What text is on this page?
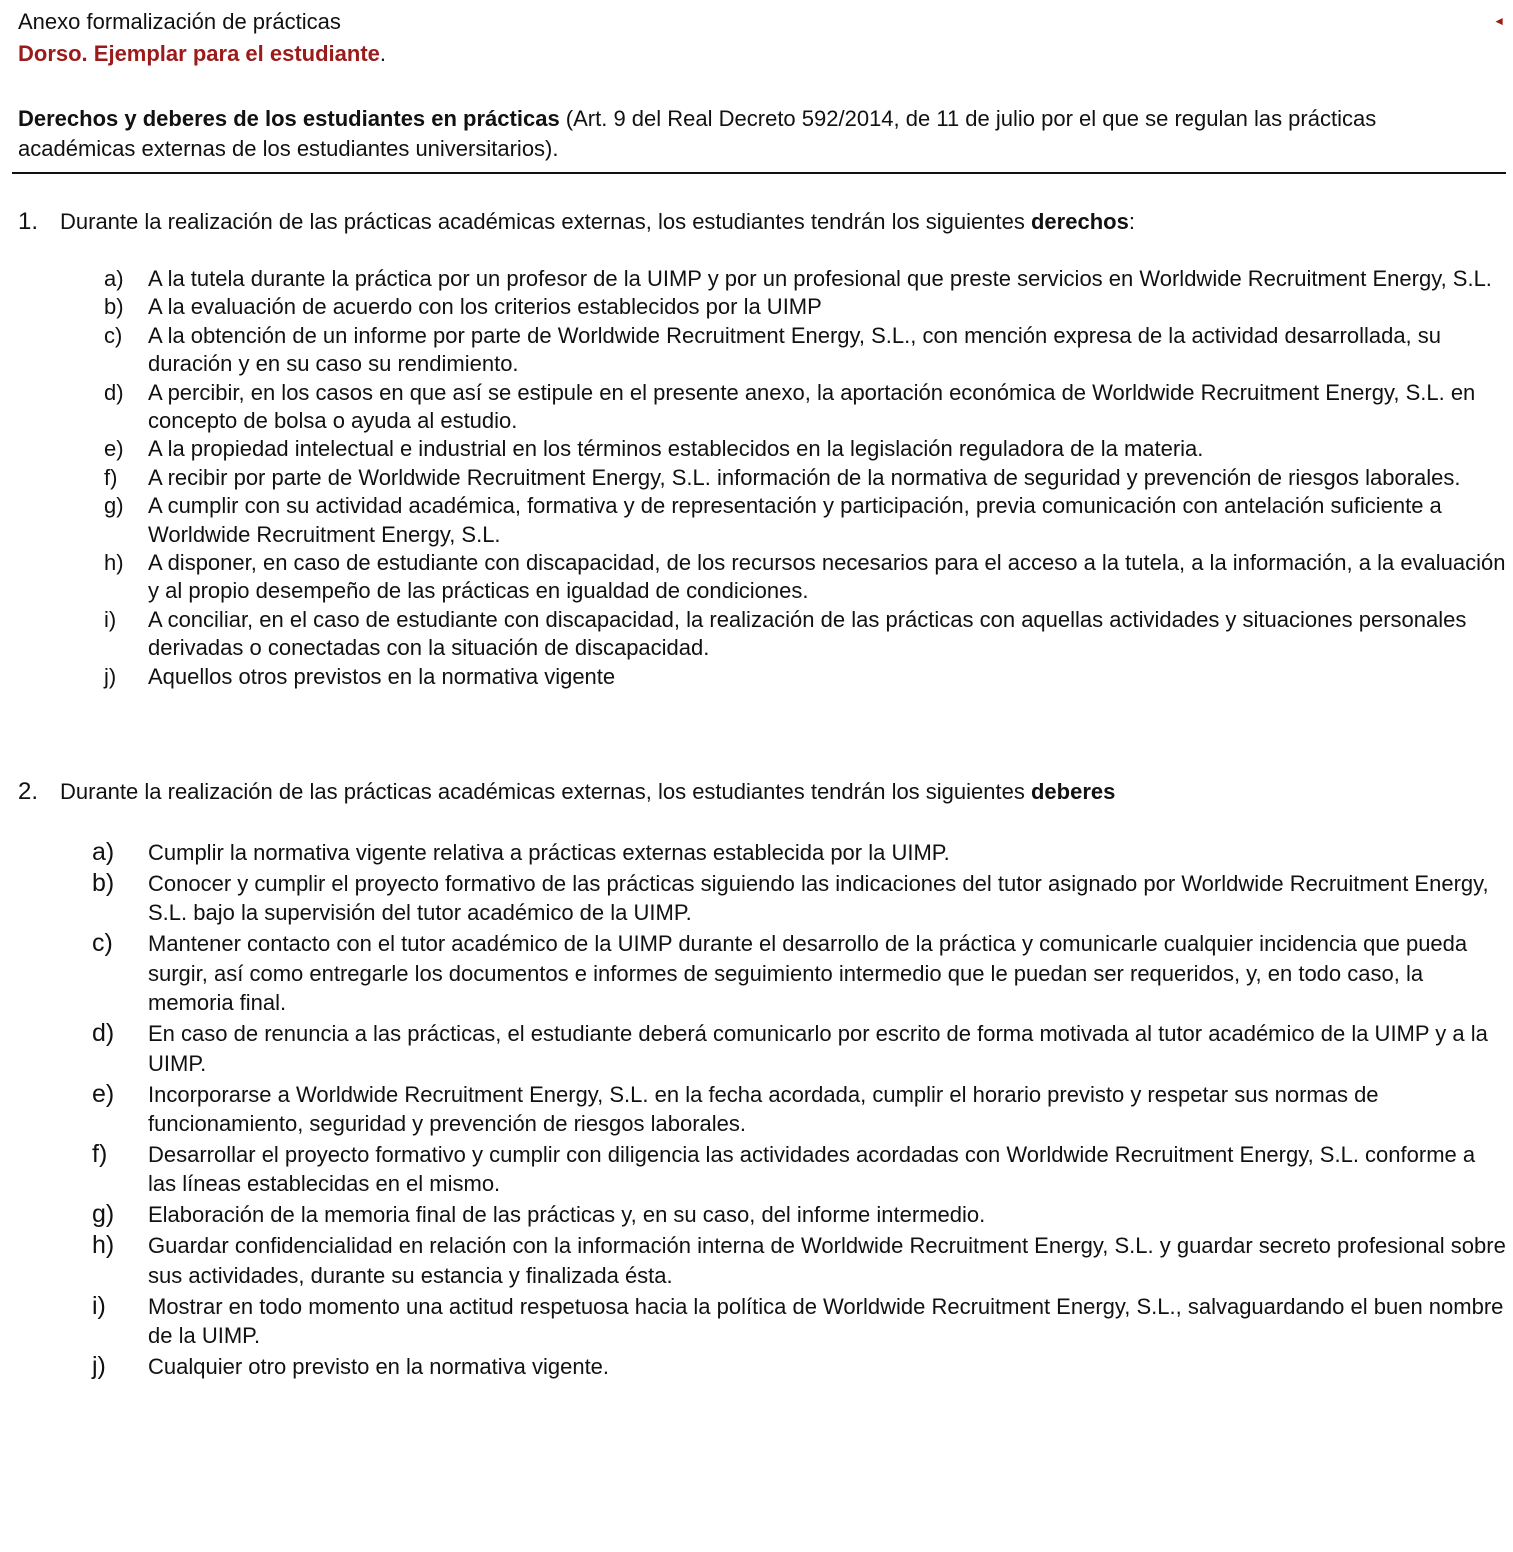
Anexo formalización de prácticas
Dorso. Ejemplar para el estudiante.
◄
Derechos y deberes de los estudiantes en prácticas (Art. 9 del Real Decreto 592/2014, de 11 de julio por el que se regulan las prácticas académicas externas de los estudiantes universitarios).
1. Durante la realización de las prácticas académicas externas, los estudiantes tendrán los siguientes derechos:
a)	A la tutela durante la práctica por un profesor de la UIMP y por un profesional que preste servicios en Worldwide Recruitment Energy, S.L.
b)	A la evaluación de acuerdo con los criterios establecidos por la UIMP
c)	A la obtención de un informe por parte de Worldwide Recruitment Energy, S.L., con mención expresa de la actividad desarrollada, su duración y en su caso su rendimiento.
d)	A percibir, en los casos en que así se estipule en el presente anexo, la aportación económica de Worldwide Recruitment Energy, S.L. en concepto de bolsa o ayuda al estudio.
e)	A la propiedad intelectual e industrial en los términos establecidos en la legislación reguladora de la materia.
f)	A recibir por parte de Worldwide Recruitment Energy, S.L. información de la normativa de seguridad y prevención de riesgos laborales.
g)	A cumplir con su actividad académica, formativa y de representación y participación, previa comunicación con antelación suficiente a Worldwide Recruitment Energy, S.L.
h)	A disponer, en caso de estudiante con discapacidad, de los recursos necesarios para el acceso a la tutela, a la información, a la evaluación y al propio desempeño de las prácticas en igualdad de condiciones.
i)	A conciliar, en el caso de estudiante con discapacidad, la realización de las prácticas con aquellas actividades y situaciones personales derivadas o conectadas con la situación de discapacidad.
j)	Aquellos otros previstos en la normativa vigente
2. Durante la realización de las prácticas académicas externas, los estudiantes tendrán los siguientes deberes
a)	Cumplir la normativa vigente relativa a prácticas externas establecida por la UIMP.
b)	Conocer y cumplir el proyecto formativo de las prácticas siguiendo las indicaciones del tutor asignado por Worldwide Recruitment Energy, S.L. bajo la supervisión del tutor académico de la UIMP.
c)	Mantener contacto con el tutor académico de la UIMP durante el desarrollo de la práctica y comunicarle cualquier incidencia que pueda surgir, así como entregarle los documentos e informes de seguimiento intermedio que le puedan ser requeridos, y, en todo caso, la memoria final.
d)	En caso de renuncia a las prácticas, el estudiante deberá comunicarlo por escrito de forma motivada al tutor académico de la UIMP y a la UIMP.
e)	Incorporarse a Worldwide Recruitment Energy, S.L. en la fecha acordada, cumplir el horario previsto y respetar sus normas de funcionamiento, seguridad y prevención de riesgos laborales.
f)	Desarrollar el proyecto formativo y cumplir con diligencia las actividades acordadas con Worldwide Recruitment Energy, S.L. conforme a las líneas establecidas en el mismo.
g)	Elaboración de la memoria final de las prácticas y, en su caso, del informe intermedio.
h)	Guardar confidencialidad en relación con la información interna de Worldwide Recruitment Energy, S.L. y guardar secreto profesional sobre sus actividades, durante su estancia y finalizada ésta.
i)	Mostrar en todo momento una actitud respetuosa hacia la política de Worldwide Recruitment Energy, S.L., salvaguardando el buen nombre de la UIMP.
j)	Cualquier otro previsto en la normativa vigente.
